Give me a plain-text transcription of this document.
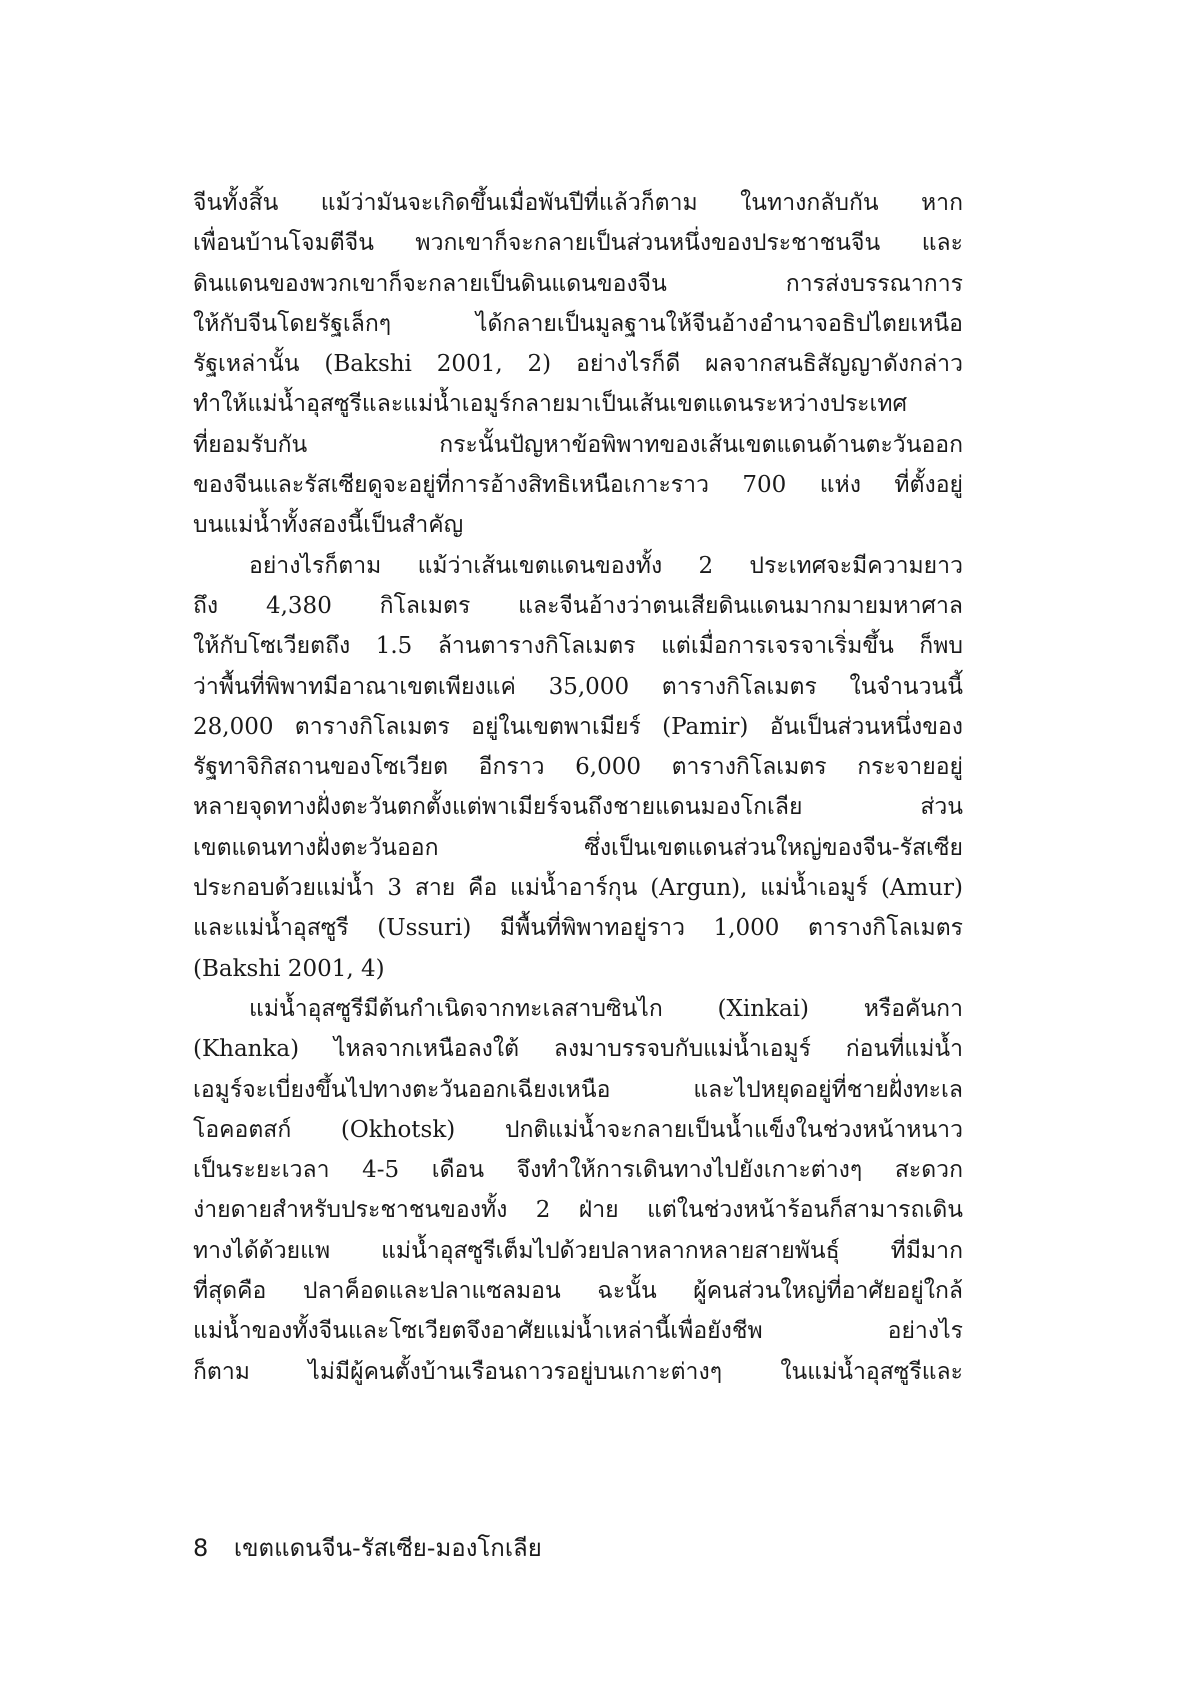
จีนทั้งสิ้น แม้ว่ามันจะเกิดขึ้นเมื่อพันปีที่แล้วก็ตาม ในทางกลับกัน หาก
เพื่อนบ้านโจมตีจีน พวกเขาก็จะกลายเป็นส่วนหนึ่งของประชาชนจีน และ
ดินแดนของพวกเขาก็จะกลายเป็นดินแดนของจีน การส่งบรรณาการ
ให้กับจีนโดยรัฐเล็กๆ ได้กลายเป็นมูลฐานให้จีนอ้างอำนาจอธิปไตยเหนือ
รัฐเหล่านั้น (Bakshi 2001, 2) อย่างไรก็ดี ผลจากสนธิสัญญาดังกล่าว
ทำให้แม่น้ำอุสซูรีและแม่น้ำเอมูร์กลายมาเป็นเส้นเขตแดนระหว่างประเทศ
ที่ยอมรับกัน กระนั้นปัญหาข้อพิพาทของเส้นเขตแดนด้านตะวันออก
ของจีนและรัสเซียดูจะอยู่ที่การอ้างสิทธิเหนือเกาะราว 700 แห่ง ที่ตั้งอยู่
บนแม่น้ำทั้งสองนี้เป็นสำคัญ
อย่างไรก็ตาม แม้ว่าเส้นเขตแดนของทั้ง 2 ประเทศจะมีความยาว
ถึง 4,380 กิโลเมตร และจีนอ้างว่าตนเสียดินแดนมากมายมหาศาล
ให้กับโซเวียตถึง 1.5 ล้านตารางกิโลเมตร แต่เมื่อการเจรจาเริ่มขึ้น ก็พบ
ว่าพื้นที่พิพาทมีอาณาเขตเพียงแค่ 35,000 ตารางกิโลเมตร ในจำนวนนี้
28,000 ตารางกิโลเมตร อยู่ในเขตพาเมียร์ (Pamir) อันเป็นส่วนหนึ่งของ
รัฐทาจิกิสถานของโซเวียต อีกราว 6,000 ตารางกิโลเมตร กระจายอยู่
หลายจุดทางฝั่งตะวันตกตั้งแต่พาเมียร์จนถึงชายแดนมองโกเลีย ส่วน
เขตแดนทางฝั่งตะวันออก ซึ่งเป็นเขตแดนส่วนใหญ่ของจีน-รัสเซีย
ประกอบด้วยแม่น้ำ 3 สาย คือ แม่น้ำอาร์กุน (Argun), แม่น้ำเอมูร์ (Amur)
และแม่น้ำอุสซูรี (Ussuri) มีพื้นที่พิพาทอยู่ราว 1,000 ตารางกิโลเมตร
(Bakshi 2001, 4)
แม่น้ำอุสซูรีมีต้นกำเนิดจากทะเลสาบซินไก (Xinkai) หรือคันกา
(Khanka) ไหลจากเหนือลงใต้ ลงมาบรรจบกับแม่น้ำเอมูร์ ก่อนที่แม่น้ำ
เอมูร์จะเบี่ยงขึ้นไปทางตะวันออกเฉียงเหนือ และไปหยุดอยู่ที่ชายฝั่งทะเล
โอคอตสก์ (Okhotsk) ปกติแม่น้ำจะกลายเป็นน้ำแข็งในช่วงหน้าหนาว
เป็นระยะเวลา 4-5 เดือน จึงทำให้การเดินทางไปยังเกาะต่างๆ สะดวก
ง่ายดายสำหรับประชาชนของทั้ง 2 ฝ่าย แต่ในช่วงหน้าร้อนก็สามารถเดิน
ทางได้ด้วยแพ แม่น้ำอุสซูรีเต็มไปด้วยปลาหลากหลายสายพันธุ์ ที่มีมาก
ที่สุดคือ ปลาค็อดและปลาแซลมอน ฉะนั้น ผู้คนส่วนใหญ่ที่อาศัยอยู่ใกล้
แม่น้ำของทั้งจีนและโซเวียตจึงอาศัยแม่น้ำเหล่านี้เพื่อยังชีพ อย่างไร
ก็ตาม ไม่มีผู้คนตั้งบ้านเรือนถาวรอยู่บนเกาะต่างๆ ในแม่น้ำอุสซูรีและ
8 เขตแดนจีน-รัสเซีย-มองโกเลีย
